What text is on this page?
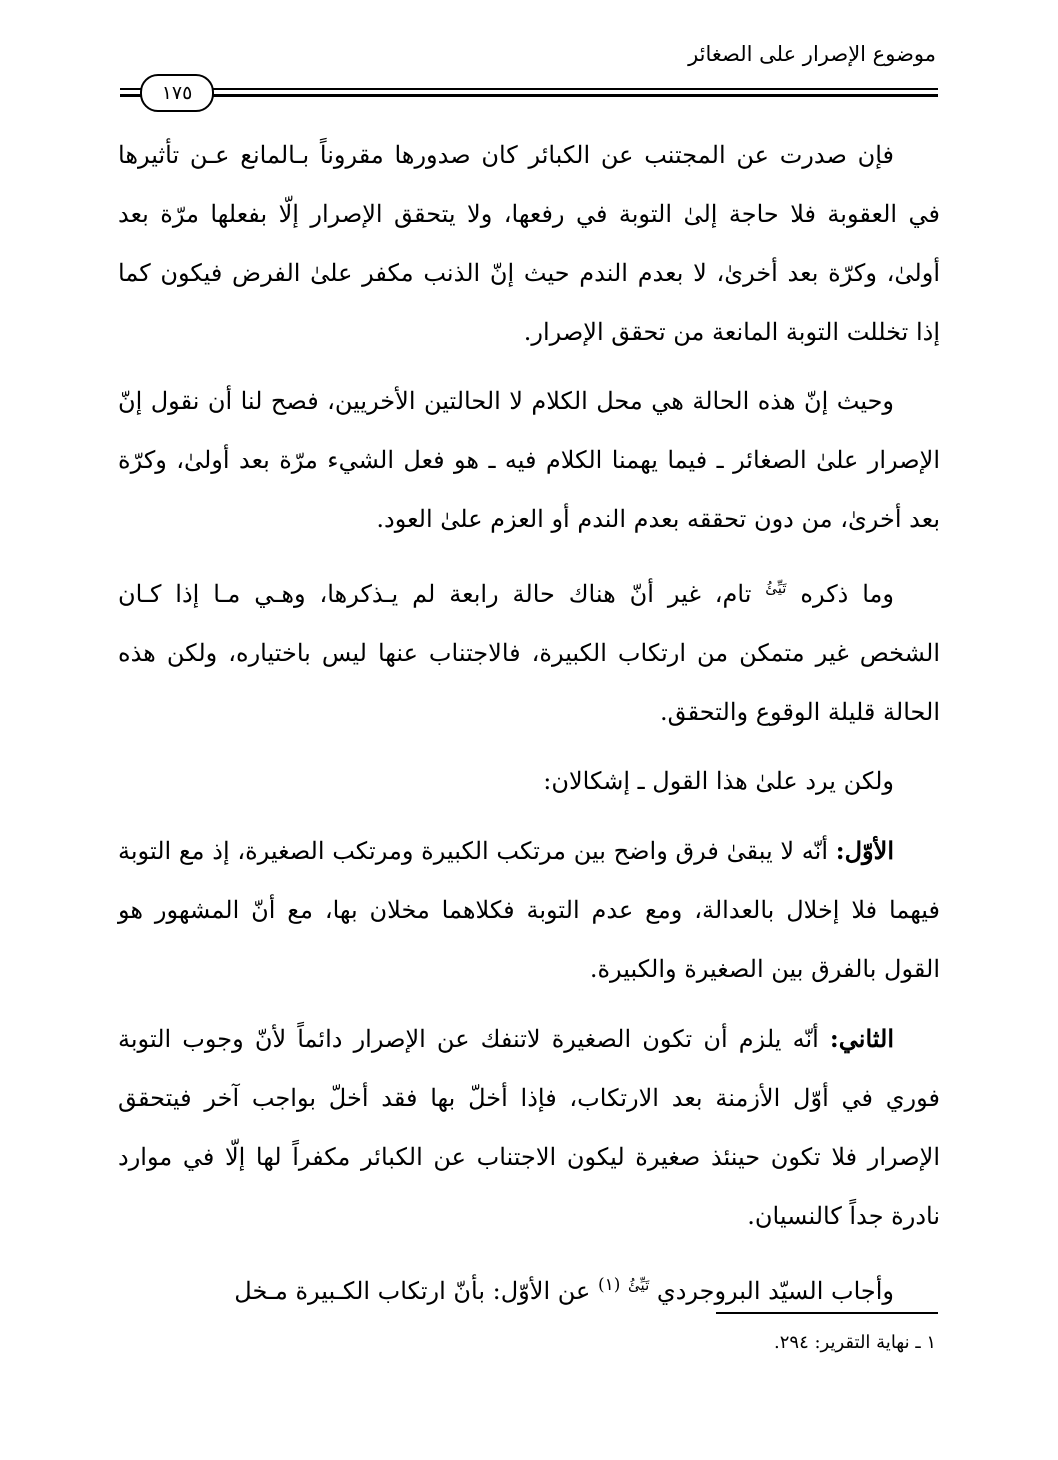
موضوع الإصرار على الصغائر
١٧٥

فإن صدرت عن المجتنب عن الكبائر كان صدورها مقروناً بـالمانع عـن تأثيرها في العقوبة فلا حاجة إلىٰ التوبة في رفعها، ولا يتحقق الإصرار إلّا بفعلها مرّة بعد أولىٰ، وكرّة بعد أخرىٰ، لا بعدم الندم حيث إنّ الذنب مكفر علىٰ الفرض فيكون كما إذا تخللت التوبة المانعة من تحقق الإصرار.

وحيث إنّ هذه الحالة هي محل الكلام لا الحالتين الأخريين، فصح لنا أن نقول إنّ الإصرار علىٰ الصغائر ـ فيما يهمنا الكلام فيه ـ هو فعل الشيء مرّة بعد أولىٰ، وكرّة بعد أخرىٰ، من دون تحققه بعدم الندم أو العزم علىٰ العود.

وما ذكره $^{تَيِّئُ}$ تام، غير أنّ هناك حالة رابعة لم يـذكرها، وهـي مـا إذا كـان الشخص غير متمكن من ارتكاب الكبيرة، فالاجتناب عنها ليس باختياره، ولكن هذه الحالة قليلة الوقوع والتحقق.

ولكن يرد علىٰ هذا القول ـ إشكالان:

الأوّل: أنّه لا يبقىٰ فرق واضح بين مرتكب الكبيرة ومرتكب الصغيرة، إذ مع التوبة فيهما فلا إخلال بالعدالة، ومع عدم التوبة فكلاهما مخلان بها، مع أنّ المشهور هو القول بالفرق بين الصغيرة والكبيرة.

الثاني: أنّه يلزم أن تكون الصغيرة لاتنفك عن الإصرار دائماً لأنّ وجوب التوبة فوري في أوّل الأزمنة بعد الارتكاب، فإذا أخلّ بها فقد أخلّ بواجب آخر فيتحقق الإصرار فلا تكون حينئذ صغيرة ليكون الاجتناب عن الكبائر مكفراً لها إلّا في موارد نادرة جداً كالنسيان.

وأجاب السيّد البروجردي $^{تَيِّئُ}$ $^{(١)}$ عن الأوّل: بأنّ ارتكاب الكـبيرة مـخل

١ ـ نهاية التقرير: ٢٩٤.
